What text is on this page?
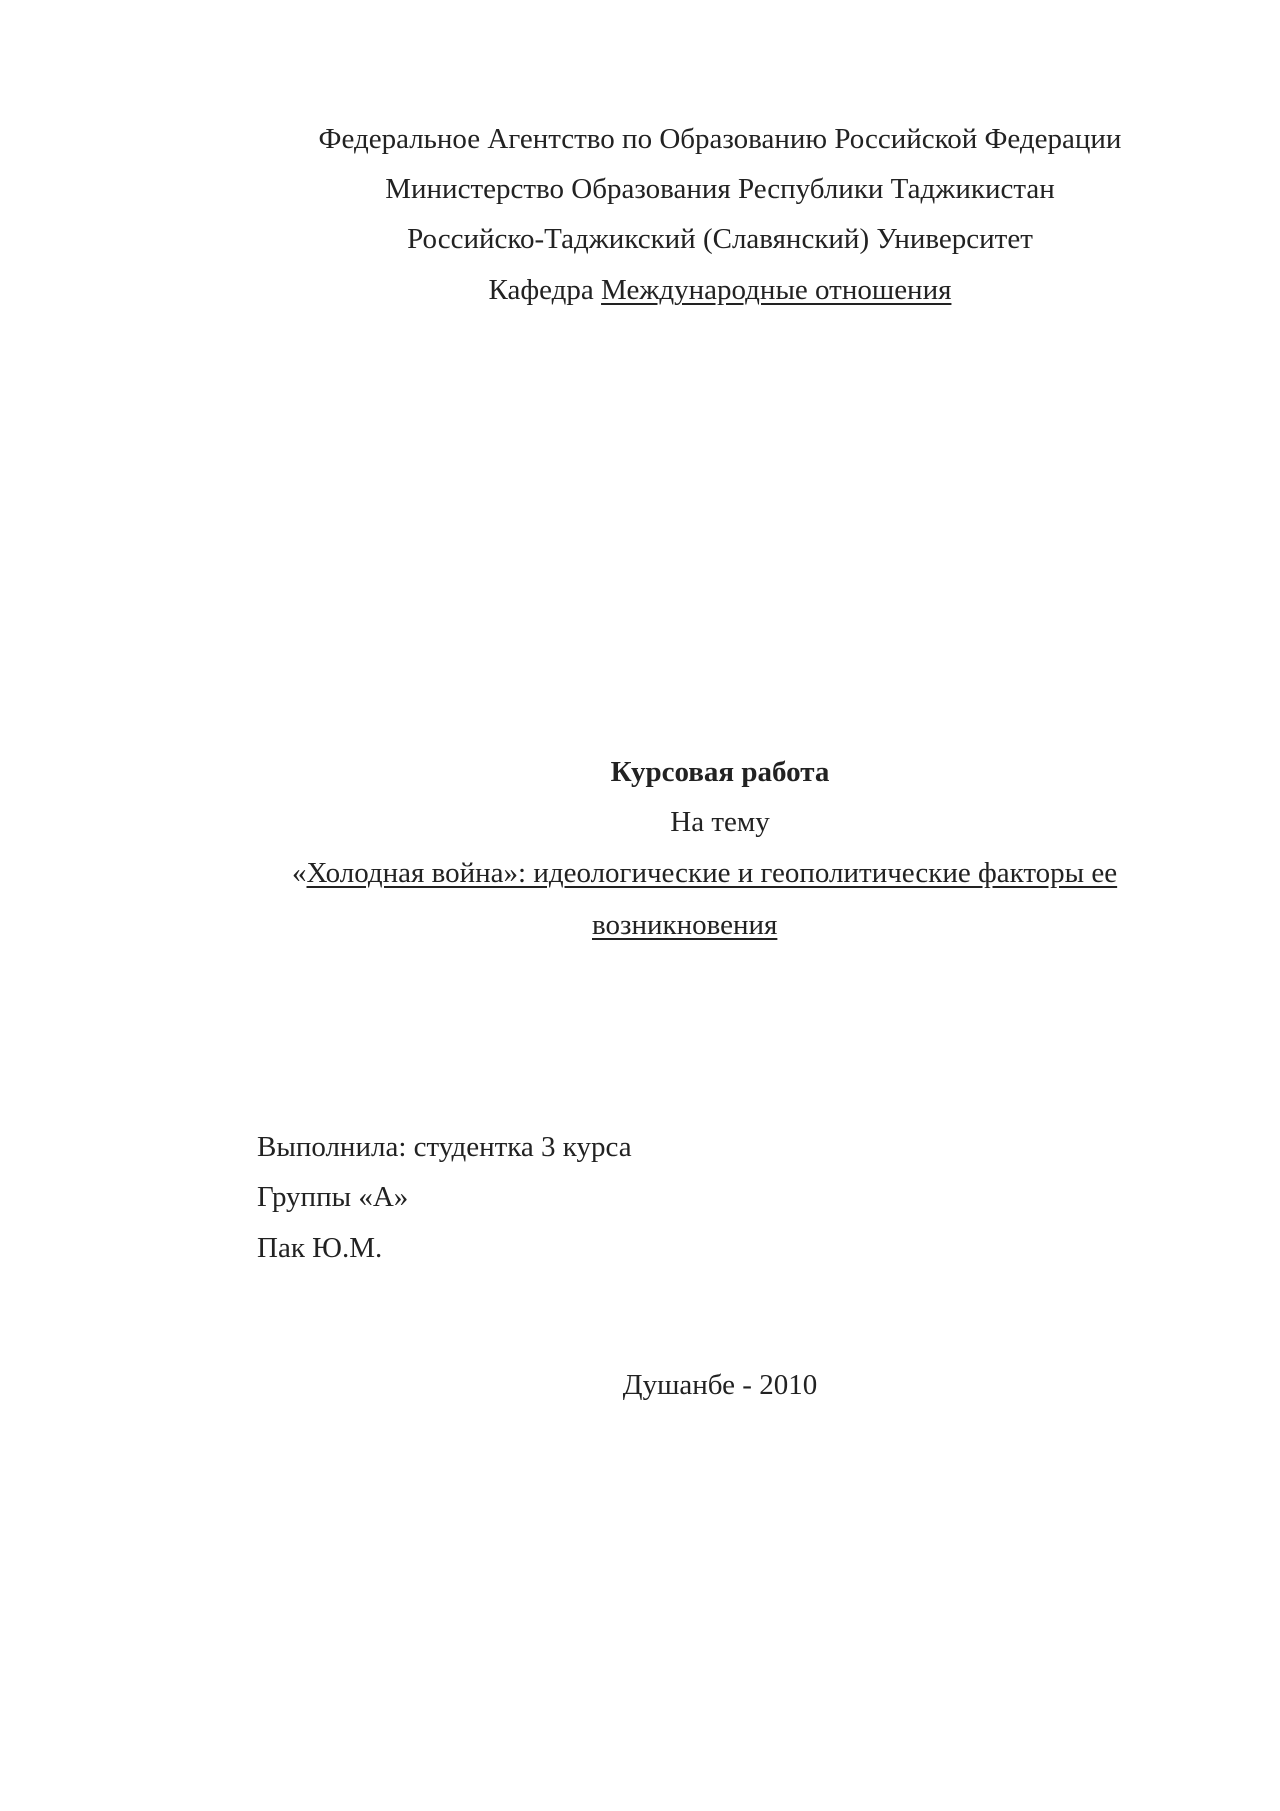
Федеральное Агентство по Образованию Российской Федерации
Министерство Образования Республики Таджикистан
Российско-Таджикский (Славянский) Университет
Кафедра Международные отношения
Курсовая работа
На тему
«Холодная война»: идеологические и геополитические факторы ее
возникновения
Выполнила: студентка 3 курса
Группы «А»
Пак Ю.М.
Душанбе - 2010
